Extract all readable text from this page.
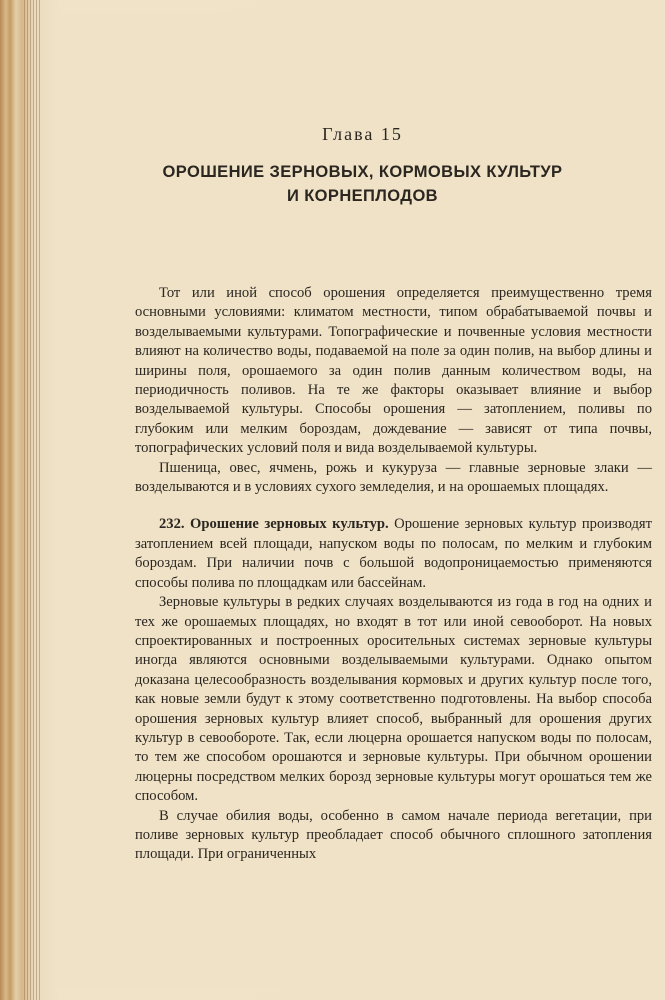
Глава 15
ОРОШЕНИЕ ЗЕРНОВЫХ, КОРМОВЫХ КУЛЬТУР
И КОРНЕПЛОДОВ

Тот или иной способ орошения определяется преимущественно тремя основными условиями: климатом местности, типом обрабатываемой почвы и возделываемыми культурами. Топографические и почвенные условия местности влияют на количество воды, подаваемой на поле за один полив, на выбор длины и ширины поля, орошаемого за один полив данным количеством воды, на периодичность поливов. На те же факторы оказывает влияние и выбор возделываемой культуры. Способы орошения — затоплением, поливы по глубоким или мелким бороздам, дождевание — зависят от типа почвы, топографических условий поля и вида возделываемой культуры.

Пшеница, овес, ячмень, рожь и кукуруза — главные зерновые злаки — возделываются и в условиях сухого земледелия, и на орошаемых площадях.

232. Орошение зерновых культур. Орошение зерновых культур производят затоплением всей площади, напуском воды по полосам, по мелким и глубоким бороздам. При наличии почв с большой водопроницаемостью применяются способы полива по площадкам или бассейнам.

Зерновые культуры в редких случаях возделываются из года в год на одних и тех же орошаемых площадях, но входят в тот или иной севооборот. На новых спроектированных и построенных оросительных системах зерновые культуры иногда являются основными возделываемыми культурами. Однако опытом доказана целесообразность возделывания кормовых и других культур после того, как новые земли будут к этому соответственно подготовлены. На выбор способа орошения зерновых культур влияет способ, выбранный для орошения других культур в севообороте. Так, если люцерна орошается напуском воды по полосам, то тем же способом орошаются и зерновые культуры. При обычном орошении люцерны посредством мелких борозд зерновые культуры могут орошаться тем же способом.

В случае обилия воды, особенно в самом начале периода вегетации, при поливе зерновых культур преобладает способ обычного сплошного затопления площади. При ограниченных
